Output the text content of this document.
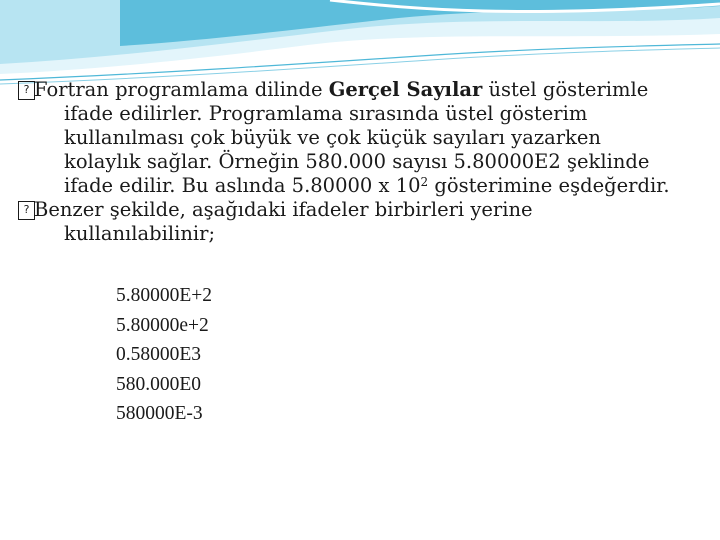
? Fortran programlama dilinde Gerçel Sayılar üstel gösterimle
ifade edilirler. Programlama sırasında üstel gösterim
kullanılması çok büyük ve çok küçük sayıları yazarken
kolaylık sağlar. Örneğin 580.000 sayısı 5.80000E2 şeklinde
ifade edilir. Bu aslında 5.80000 x $10^2$ gösterimine eşdeğerdir.

? Benzer şekilde, aşağıdaki ifadeler birbirleri yerine
kullanılabilinir;

5.80000E+2
5.80000e+2
0.58000E3
580.000E0
580000E-3
